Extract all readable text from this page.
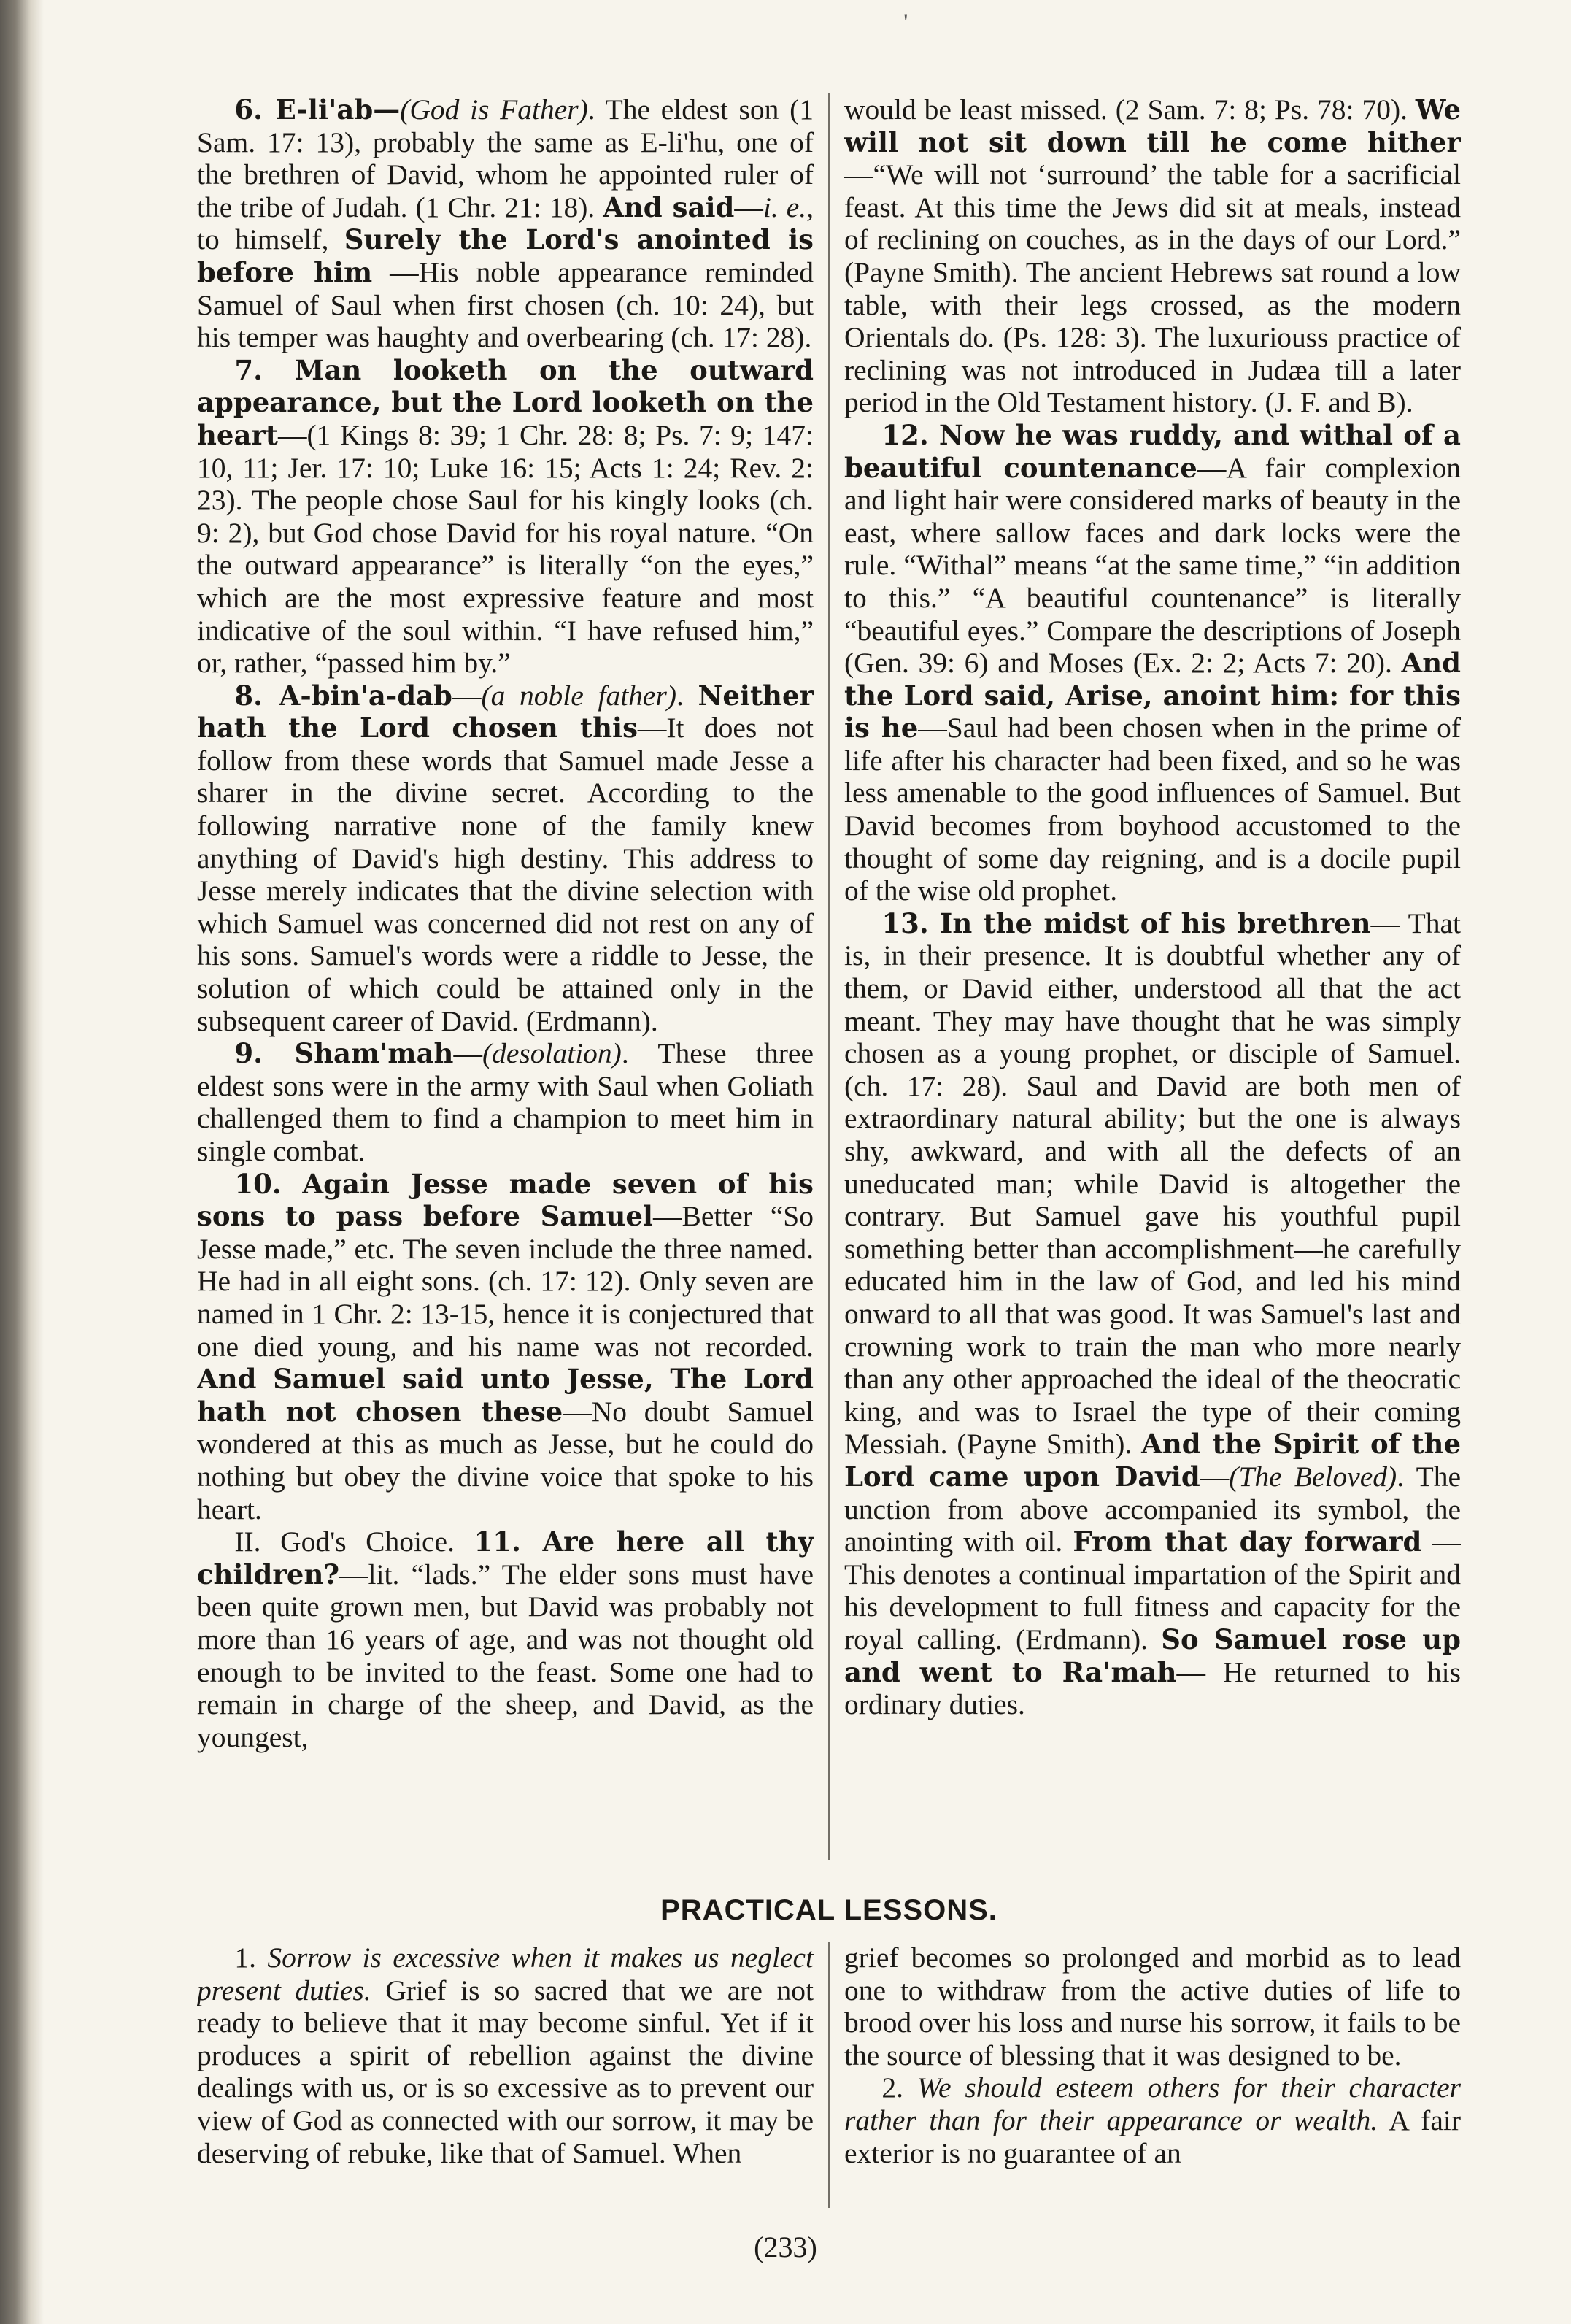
'

6. E-li'ab—(God is Father). The eldest son (1 Sam. 17: 13), probably the same as E-li'hu, one of the brethren of David, whom he appointed ruler of the tribe of Judah. (1 Chr. 21: 18). And said—i. e., to himself, Surely the Lord's anointed is before him —His noble appearance reminded Samuel of Saul when first chosen (ch. 10: 24), but his temper was haughty and overbearing (ch. 17: 28).

7. Man looketh on the outward appearance, but the Lord looketh on the heart—(1 Kings 8: 39; 1 Chr. 28: 8; Ps. 7: 9; 147: 10, 11; Jer. 17: 10; Luke 16: 15; Acts 1: 24; Rev. 2: 23). The people chose Saul for his kingly looks (ch. 9: 2), but God chose David for his royal nature. “On the outward appearance” is literally “on the eyes,” which are the most expressive feature and most indicative of the soul within. “I have refused him,” or, rather, “passed him by.”

8. A-bin'a-dab—(a noble father). Neither hath the Lord chosen this—It does not follow from these words that Samuel made Jesse a sharer in the divine secret. According to the following narrative none of the family knew anything of David's high destiny. This address to Jesse merely indicates that the divine selection with which Samuel was concerned did not rest on any of his sons. Samuel's words were a riddle to Jesse, the solution of which could be attained only in the subsequent career of David. (Erdmann).

9. Sham'mah—(desolation). These three eldest sons were in the army with Saul when Goliath challenged them to find a champion to meet him in single combat.

10. Again Jesse made seven of his sons to pass before Samuel—Better “So Jesse made,” etc. The seven include the three named. He had in all eight sons. (ch. 17: 12). Only seven are named in 1 Chr. 2: 13-15, hence it is conjectured that one died young, and his name was not recorded. And Samuel said unto Jesse, The Lord hath not chosen these—No doubt Samuel wondered at this as much as Jesse, but he could do nothing but obey the divine voice that spoke to his heart.

II. God's Choice. 11. Are here all thy children?—lit. “lads.” The elder sons must have been quite grown men, but David was probably not more than 16 years of age, and was not thought old enough to be invited to the feast. Some one had to remain in charge of the sheep, and David, as the youngest,

would be least missed. (2 Sam. 7: 8; Ps. 78: 70). We will not sit down till he come hither—“We will not ‘surround’ the table for a sacrificial feast. At this time the Jews did sit at meals, instead of reclining on couches, as in the days of our Lord.” (Payne Smith). The ancient Hebrews sat round a low table, with their legs crossed, as the modern Orientals do. (Ps. 128: 3). The luxuriouss practice of reclining was not introduced in Judæa till a later period in the Old Testament history. (J. F. and B).

12. Now he was ruddy, and withal of a beautiful countenance—A fair complexion and light hair were considered marks of beauty in the east, where sallow faces and dark locks were the rule. “Withal” means “at the same time,” “in addition to this.” “A beautiful countenance” is literally “beautiful eyes.” Compare the descriptions of Joseph (Gen. 39: 6) and Moses (Ex. 2: 2; Acts 7: 20). And the Lord said, Arise, anoint him: for this is he—Saul had been chosen when in the prime of life after his character had been fixed, and so he was less amenable to the good influences of Samuel. But David becomes from boyhood accustomed to the thought of some day reigning, and is a docile pupil of the wise old prophet.

13. In the midst of his brethren— That is, in their presence. It is doubtful whether any of them, or David either, understood all that the act meant. They may have thought that he was simply chosen as a young prophet, or disciple of Samuel. (ch. 17: 28). Saul and David are both men of extraordinary natural ability; but the one is always shy, awkward, and with all the defects of an uneducated man; while David is altogether the contrary. But Samuel gave his youthful pupil something better than accomplishment—he carefully educated him in the law of God, and led his mind onward to all that was good. It was Samuel's last and crowning work to train the man who more nearly than any other approached the ideal of the theocratic king, and was to Israel the type of their coming Messiah. (Payne Smith). And the Spirit of the Lord came upon David—(The Beloved). The unction from above accompanied its symbol, the anointing with oil. From that day forward —This denotes a continual impartation of the Spirit and his development to full fitness and capacity for the royal calling. (Erdmann). So Samuel rose up and went to Ra'mah— He returned to his ordinary duties.

PRACTICAL LESSONS.

1. Sorrow is excessive when it makes us neglect present duties. Grief is so sacred that we are not ready to believe that it may become sinful. Yet if it produces a spirit of rebellion against the divine dealings with us, or is so excessive as to prevent our view of God as connected with our sorrow, it may be deserving of rebuke, like that of Samuel. When

grief becomes so prolonged and morbid as to lead one to withdraw from the active duties of life to brood over his loss and nurse his sorrow, it fails to be the source of blessing that it was designed to be.

2. We should esteem others for their character rather than for their appearance or wealth. A fair exterior is no guarantee of an

(233)
